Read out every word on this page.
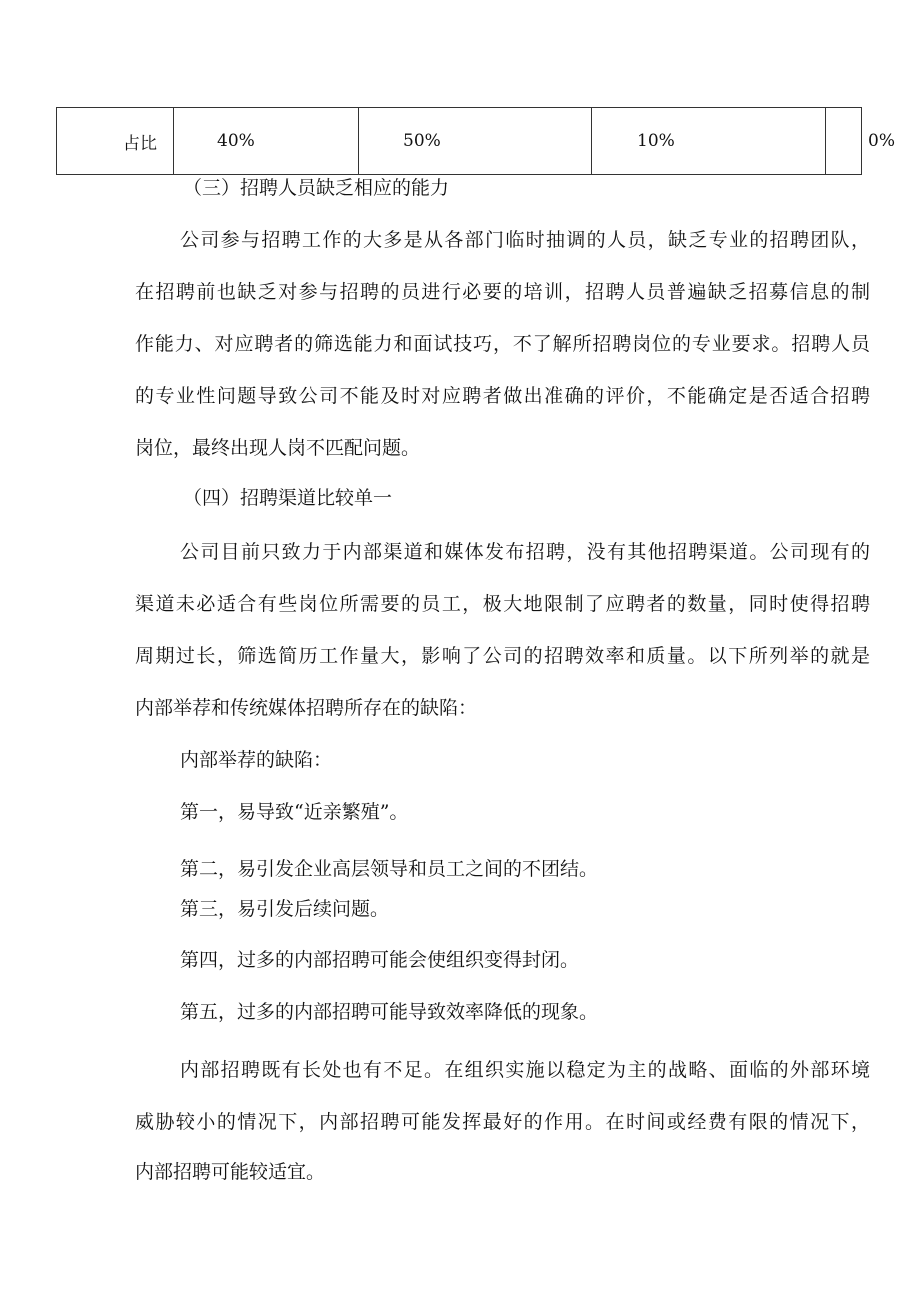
占比	40%	50%	10%	0%
（三）招聘人员缺乏相应的能力
公司参与招聘工作的大多是从各部门临时抽调的人员，缺乏专业的招聘团队，
在招聘前也缺乏对参与招聘的员进行必要的培训，招聘人员普遍缺乏招募信息的制
作能力、对应聘者的筛选能力和面试技巧，不了解所招聘岗位的专业要求。招聘人员
的专业性问题导致公司不能及时对应聘者做出准确的评价，不能确定是否适合招聘
岗位，最终出现人岗不匹配问题。
（四）招聘渠道比较单一
公司目前只致力于内部渠道和媒体发布招聘，没有其他招聘渠道。公司现有的
渠道未必适合有些岗位所需要的员工，极大地限制了应聘者的数量，同时使得招聘
周期过长，筛选简历工作量大，影响了公司的招聘效率和质量。以下所列举的就是
内部举荐和传统媒体招聘所存在的缺陷：
内部举荐的缺陷：
第一，易导致“近亲繁殖”。
第二，易引发企业高层领导和员工之间的不团结。
第三，易引发后续问题。
第四，过多的内部招聘可能会使组织变得封闭。
第五，过多的内部招聘可能导致效率降低的现象。
内部招聘既有长处也有不足。在组织实施以稳定为主的战略、面临的外部环境
威胁较小的情况下，内部招聘可能发挥最好的作用。在时间或经费有限的情况下，
内部招聘可能较适宜。
